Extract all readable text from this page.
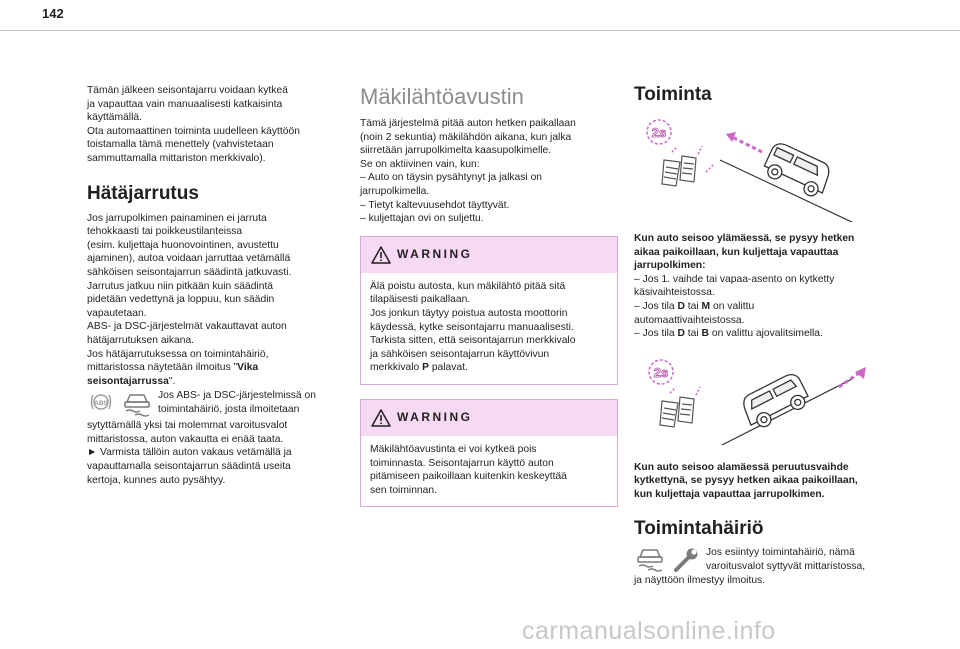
142

Tämän jälkeen seisontajarru voidaan kytkeä

ja vapauttaa vain manuaalisesti katkaisinta

käyttämällä.

Ota automaattinen toiminta uudelleen käyttöön

toistamalla tämä menettely (vahvistetaan

sammuttamalla mittariston merkkivalo).

Hätäjarrutus

Jos jarrupolkimen painaminen ei jarruta

tehokkaasti tai poikkeustilanteissa

(esim. kuljettaja huonovointinen, avustettu

ajaminen), autoa voidaan jarruttaa vetämällä

sähköisen seisontajarrun säädintä jatkuvasti.

Jarrutus jatkuu niin pitkään kuin säädintä

pidetään vedettynä ja loppuu, kun säädin

vapautetaan.

ABS- ja DSC-järjestelmät vakauttavat auton

hätäjarrutuksen aikana.

Jos hätäjarrutuksessa on toimintahäiriö,

mittaristossa näytetään ilmoitus "Vika

seisontajarrussa".

ABS

Jos ABS- ja DSC-järjestelmissä on

toimintahäiriö, josta ilmoitetaan

sytyttämällä yksi tai molemmat varoitusvalot

mittaristossa, auton vakautta ei enää taata.

► Varmista tällöin auton vakaus vetämällä ja

vapauttamalla seisontajarrun säädintä useita

kertoja, kunnes auto pysähtyy.

Mäkilähtöavustin

Tämä järjestelmä pitää auton hetken paikallaan

(noin 2 sekuntia) mäkilähdön aikana, kun jalka

siirretään jarrupolkimelta kaasupolkimelle.

Se on aktiivinen vain, kun:

– Auto on täysin pysähtynyt ja jalkasi on

jarrupolkimella.

– Tietyt kaltevuusehdot täyttyvät.

– kuljettajan ovi on suljettu.

WARNING

Älä poistu autosta, kun mäkilähtö pitää sitä

tilapäisesti paikallaan.

Jos jonkun täytyy poistua autosta moottorin

käydessä, kytke seisontajarru manuaalisesti.

Tarkista sitten, että seisontajarrun merkkivalo

ja sähköisen seisontajarrun käyttövivun

merkkivalo P palavat.

WARNING

Mäkilähtöavustinta ei voi kytkeä pois

toiminnasta. Seisontajarrun käyttö auton

pitämiseen paikoillaan kuitenkin keskeyttää

sen toiminnan.

Toiminta
2s

Kun auto seisoo ylämäessä, se pysyy hetken

aikaa paikoillaan, kun kuljettaja vapauttaa

jarrupolkimen:

– Jos 1. vaihde tai vapaa-asento on kytketty

käsivaihteistossa.

– Jos tila D tai M on valittu

automaattivaihteistossa.

– Jos tila D tai B on valittu ajovalitsimella.

2s

Kun auto seisoo alamäessä peruutusvaihde

kytkettynä, se pysyy hetken aikaa paikoillaan,

kun kuljettaja vapauttaa jarrupolkimen.

Toimintahäiriö

Jos esiintyy toimintahäiriö, nämä

varoitusvalot syttyvät mittaristossa,

ja näyttöön ilmestyy ilmoitus.

carmanualsonline.info
